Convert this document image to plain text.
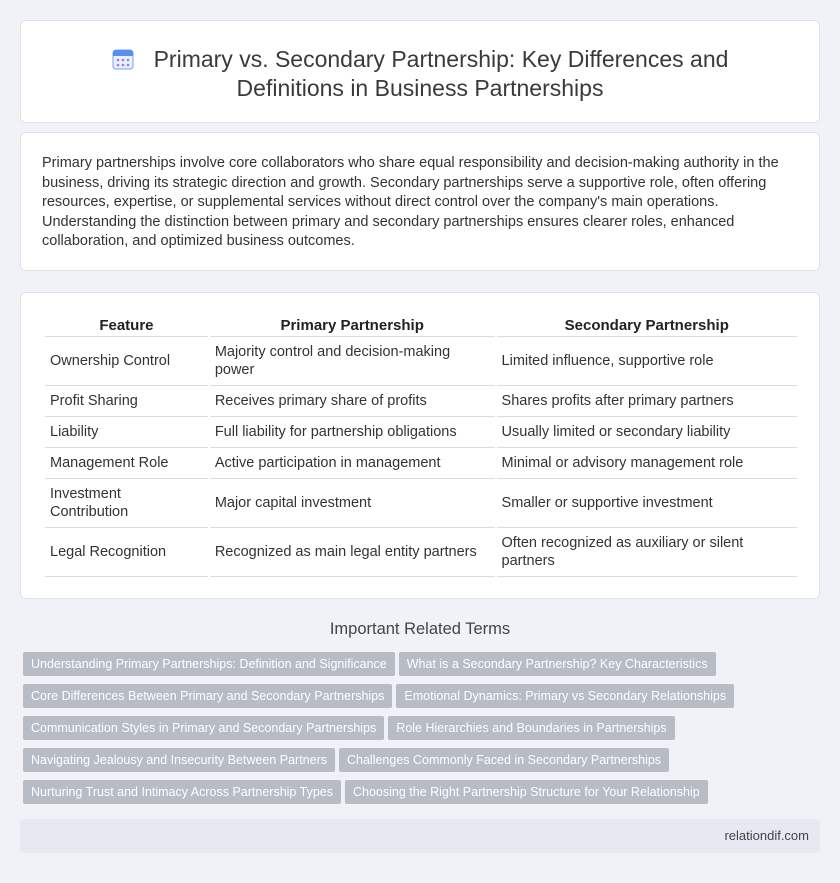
Primary vs. Secondary Partnership: Key Differences and Definitions in Business Partnerships

Primary partnerships involve core collaborators who share equal responsibility and decision-making authority in the business, driving its strategic direction and growth. Secondary partnerships serve a supportive role, often offering resources, expertise, or supplemental services without direct control over the company's main operations. Understanding the distinction between primary and secondary partnerships ensures clearer roles, enhanced collaboration, and optimized business outcomes.

Feature	Primary Partnership	Secondary Partnership
Ownership Control	Majority control and decision-making power	Limited influence, supportive role
Profit Sharing	Receives primary share of profits	Shares profits after primary partners
Liability	Full liability for partnership obligations	Usually limited or secondary liability
Management Role	Active participation in management	Minimal or advisory management role
Investment Contribution	Major capital investment	Smaller or supportive investment
Legal Recognition	Recognized as main legal entity partners	Often recognized as auxiliary or silent partners
Important Related Terms
Understanding Primary Partnerships: Definition and Significance What is a Secondary Partnership? Key Characteristics
Core Differences Between Primary and Secondary Partnerships Emotional Dynamics: Primary vs Secondary Relationships
Communication Styles in Primary and Secondary Partnerships Role Hierarchies and Boundaries in Partnerships
Navigating Jealousy and Insecurity Between Partners Challenges Commonly Faced in Secondary Partnerships
Nurturing Trust and Intimacy Across Partnership Types Choosing the Right Partnership Structure for Your Relationship
relationdif.com
